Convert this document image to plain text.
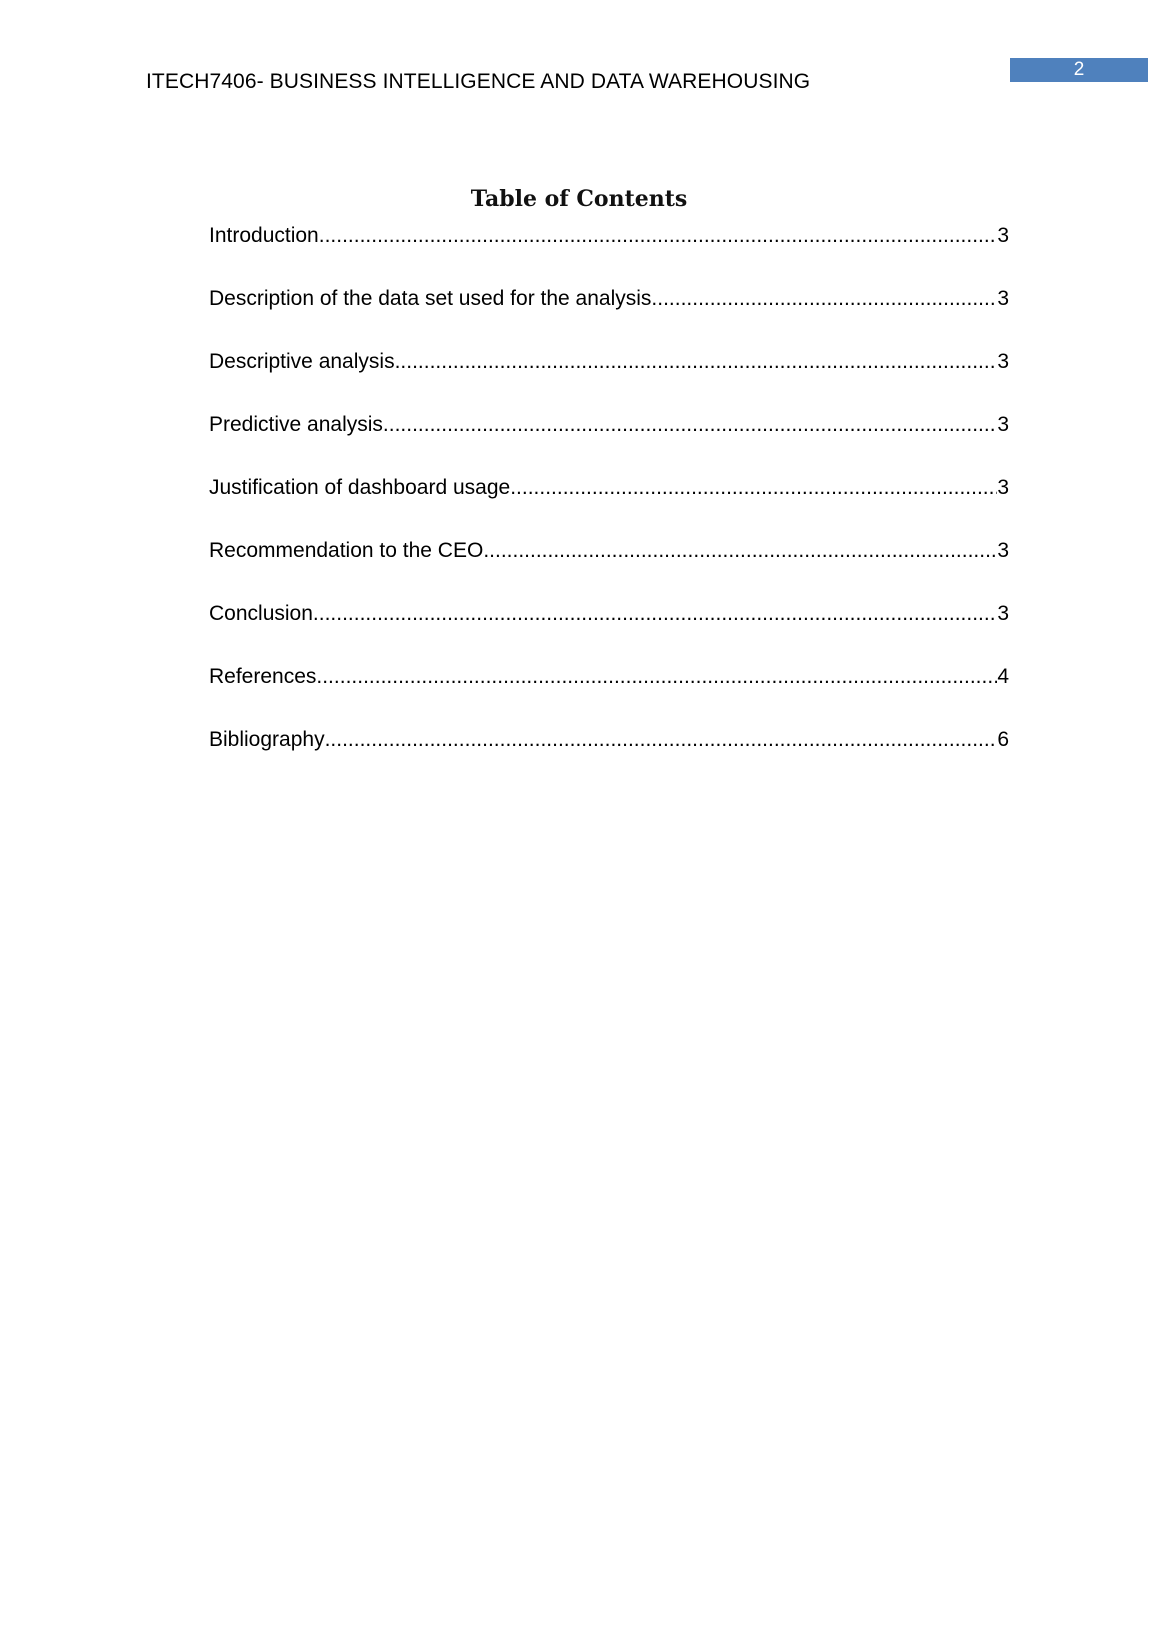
ITECH7406- BUSINESS INTELLIGENCE AND DATA WAREHOUSING
2
Table of Contents
Introduction .....	3
Description of the data set used for the analysis .....	3
Descriptive analysis .....	3
Predictive analysis .....	3
Justification of dashboard usage .....	3
Recommendation to the CEO .....	3
Conclusion .....	3
References .....	4
Bibliography .....	6
